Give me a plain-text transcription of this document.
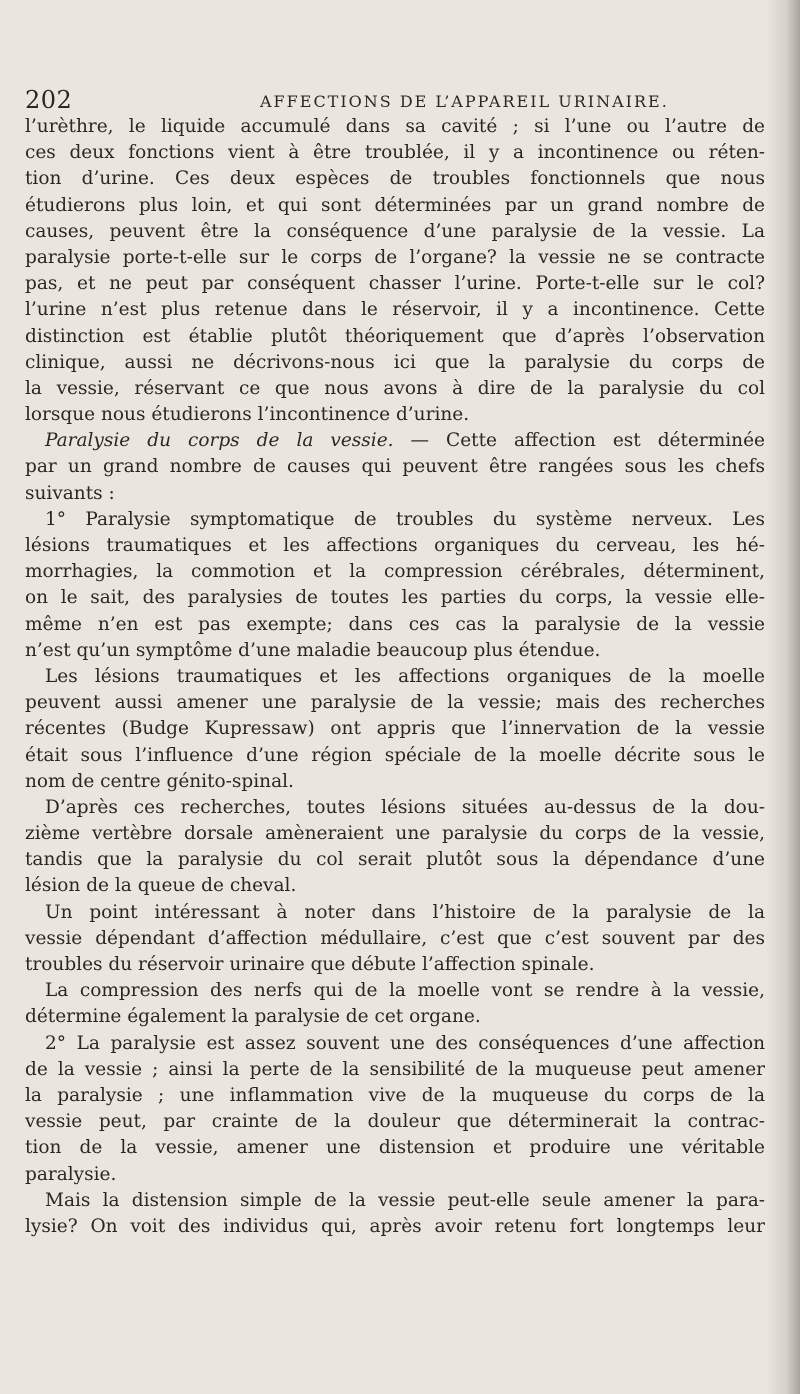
202	AFFECTIONS DE L’APPAREIL URINAIRE.
l’urèthre, le liquide accumulé dans sa cavité ; si l’une ou l’autre de
ces deux fonctions vient à être troublée, il y a incontinence ou réten-
tion d’urine. Ces deux espèces de troubles fonctionnels que nous
étudierons plus loin, et qui sont déterminées par un grand nombre de
causes, peuvent être la conséquence d’une paralysie de la vessie. La
paralysie porte-t-elle sur le corps de l’organe? la vessie ne se contracte
pas, et ne peut par conséquent chasser l’urine. Porte-t-elle sur le col?
l’urine n’est plus retenue dans le réservoir, il y a incontinence. Cette
distinction est établie plutôt théoriquement que d’après l’observation
clinique, aussi ne décrivons-nous ici que la paralysie du corps de
la vessie, réservant ce que nous avons à dire de la paralysie du col
lorsque nous étudierons l’incontinence d’urine.
Paralysie du corps de la vessie. — Cette affection est déterminée
par un grand nombre de causes qui peuvent être rangées sous les chefs
suivants :
1° Paralysie symptomatique de troubles du système nerveux. Les
lésions traumatiques et les affections organiques du cerveau, les hé-
morrhagies, la commotion et la compression cérébrales, déterminent,
on le sait, des paralysies de toutes les parties du corps, la vessie elle-
même n’en est pas exempte; dans ces cas la paralysie de la vessie
n’est qu’un symptôme d’une maladie beaucoup plus étendue.
Les lésions traumatiques et les affections organiques de la moelle
peuvent aussi amener une paralysie de la vessie; mais des recherches
récentes (Budge Kupressaw) ont appris que l’innervation de la vessie
était sous l’influence d’une région spéciale de la moelle décrite sous le
nom de centre génito-spinal.
D’après ces recherches, toutes lésions situées au-dessus de la dou-
zième vertèbre dorsale amèneraient une paralysie du corps de la vessie,
tandis que la paralysie du col serait plutôt sous la dépendance d’une
lésion de la queue de cheval.
Un point intéressant à noter dans l’histoire de la paralysie de la
vessie dépendant d’affection médullaire, c’est que c’est souvent par des
troubles du réservoir urinaire que débute l’affection spinale.
La compression des nerfs qui de la moelle vont se rendre à la vessie,
détermine également la paralysie de cet organe.
2° La paralysie est assez souvent une des conséquences d’une affection
de la vessie ; ainsi la perte de la sensibilité de la muqueuse peut amener
la paralysie ; une inflammation vive de la muqueuse du corps de la
vessie peut, par crainte de la douleur que déterminerait la contrac-
tion de la vessie, amener une distension et produire une véritable
paralysie.
Mais la distension simple de la vessie peut-elle seule amener la para-
lysie? On voit des individus qui, après avoir retenu fort longtemps leur
